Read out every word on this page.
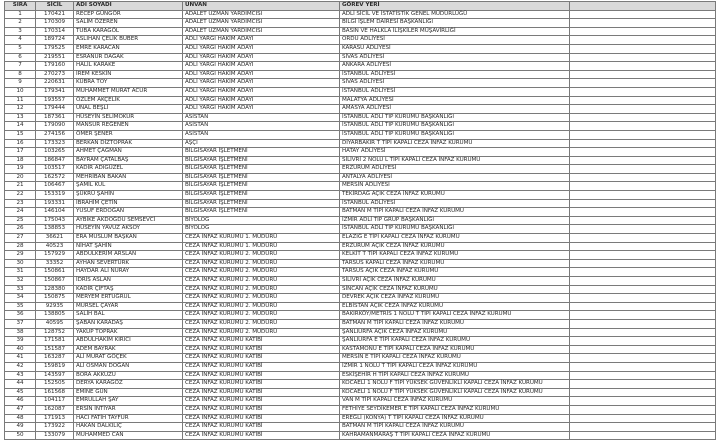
SIRA	SİCİL	ADI SOYADI	UNVAN	GÖREV YERİ	
1	170421	RECEP GÜNGÖR	ADALET UZMAN YARDIMCISI	ADLİ SİCİL VE İSTATİSTİK GENEL MÜDÜRLÜĞÜ	
2	170309	SALİM ÖZEREN	ADALET UZMAN YARDIMCISI	BİLGİ İŞLEM DAİRESİ BAŞKANLIĞI	
3	170314	TUBA KARAGÖL	ADALET UZMAN YARDIMCISI	BASIN VE HALKLA İLİŞKİLER MÜŞAVİRLİĞİ	
4	189724	ASLIHAN ÇELİK BUBER	ADLİ YARGI HAKİM ADAYI	ORDU ADLİYESİ	
5	179525	EMRE KARACAN	ADLİ YARGI HAKİM ADAYI	KARASU ADLİYESİ	
6	219551	ESRANUR DAĞAK	ADLİ YARGI HAKİM ADAYI	SİVAS ADLİYESİ	
7	179160	HALİL KARAKE	ADLİ YARGI HAKİM ADAYI	ANKARA ADLİYESİ	
8	270273	İREM KESKİN	ADLİ YARGI HAKİM ADAYI	İSTANBUL ADLİYESİ	
9	220631	KÜBRA TOY	ADLİ YARGI HAKİM ADAYI	SİVAS ADLİYESİ	
10	179341	MUHAMMET MURAT ACUR	ADLİ YARGI HAKİM ADAYI	İSTANBUL ADLİYESİ	
11	193557	ÖZLEM AKÇELİK	ADLİ YARGI HAKİM ADAYI	MALATYA ADLİYESİ	
12	179444	ÜNAL BEŞLİ	ADLİ YARGI HAKİM ADAYI	AMASYA ADLİYESİ	
13	187361	HÜSEYİN SELİMOKUR	ASİSTAN	İSTANBUL ADLİ TIP KURUMU BAŞKANLIĞI	
14	179090	MANSUR REĞENEN	ASİSTAN	İSTANBUL ADLİ TIP KURUMU BAŞKANLIĞI	
15	274156	ÖMER ŞENER	ASİSTAN	İSTANBUL ADLİ TIP KURUMU BAŞKANLIĞI	
16	173323	BERKAN DİZTOPRAK	AŞÇI	DİYARBAKIR T TİPİ KAPALI CEZA İNFAZ KURUMU	
17	103265	AHMET ÇAĞMAN	BİLGİSAYAR İŞLETMENİ	HATAY ADLİYESİ	
18	186847	BAYRAM ÇATALBAŞ	BİLGİSAYAR İŞLETMENİ	SİLİVRİ 2 NOLU L TİPİ KAPALI CEZA İNFAZ KURUMU	
19	103517	KADİR ADIGÜZEL	BİLGİSAYAR İŞLETMENİ	ERZURUM ADLİYESİ	
20	162572	MEHRİBAN BAKAN	BİLGİSAYAR İŞLETMENİ	ANTALYA ADLİYESİ	
21	106467	ŞAMİL KUL	BİLGİSAYAR İŞLETMENİ	MERSİN ADLİYESİ	
22	153319	ŞÜKRÜ ŞAHİN	BİLGİSAYAR İŞLETMENİ	TEKİRDAĞ AÇIK CEZA İNFAZ KURUMU	
23	193331	İBRAHİM ÇETİN	BİLGİSAYAR İŞLETMENİ	İSTANBUL ADLİYESİ	
24	146104	YUSUF ERDOĞAN	BİLGİSAYAR İŞLETMENİ	BATMAN M TİPİ KAPALI CEZA İNFAZ KURUMU	
25	175043	AYBİKE AKDOĞDU SEMSEVCİ	BİYOLOG	İZMİR ADLİ TIP GRUP BAŞKANLIĞI	
26	138853	HÜSEYİN YAVUZ AKSOY	BİYOLOG	İSTANBUL ADLİ TIP KURUMU BAŞKANLIĞI	
27	36621	ERA MUSLUM BAŞKAN	CEZA İNFAZ KURUMU 1. MÜDÜRÜ	ELAZIĞ E TİPİ KAPALI CEZA İNFAZ KURUMU	
28	40523	NİHAT ŞAHİN	CEZA İNFAZ KURUMU 1. MÜDÜRÜ	ERZURUM AÇIK CEZA İNFAZ KURUMU	
29	157929	ABDULKERİM ARSLAN	CEZA İNFAZ KURUMU 2. MÜDÜRÜ	KELKİT T TİPİ KAPALI CEZA İNFAZ KURUMU	
30	33352	AYHAN SEVERTÜRK	CEZA İNFAZ KURUMU 2. MÜDÜRÜ	TARSUS KAPALI CEZA İNFAZ KURUMU	
31	150861	HAYDAR ALİ NURAY	CEZA İNFAZ KURUMU 2. MÜDÜRÜ	TARSUS AÇIK CEZA İNFAZ KURUMU	
32	150867	İDRİS ASLAN	CEZA İNFAZ KURUMU 2. MÜDÜRÜ	SİLİVRİ AÇIK CEZA İNFAZ KURUMU	
33	128380	KADİR ÇİFTAŞ	CEZA İNFAZ KURUMU 2. MÜDÜRÜ	SİNCAN AÇIK CEZA İNFAZ KURUMU	
34	150875	MERYEM ERTUĞRUL	CEZA İNFAZ KURUMU 2. MÜDÜRÜ	DEVREK AÇIK CEZA İNFAZ KURUMU	
35	92935	MURSEL ÇAYAR	CEZA İNFAZ KURUMU 2. MÜDÜRÜ	ELBİSTAN AÇIK CEZA İNFAZ KURUMU	
36	138805	SALİH BAL	CEZA İNFAZ KURUMU 2. MÜDÜRÜ	BAKIRKÖY/METRİS 1 NOLU T TİPİ KAPALI CEZA İNFAZ KURUMU	
37	40595	ŞABAN KARADAŞ	CEZA İNFAZ KURUMU 2. MÜDÜRÜ	BATMAN M TİPİ KAPALI CEZA İNFAZ KURUMU	
38	128752	YAKUP TOPRAK	CEZA İNFAZ KURUMU 2. MÜDÜRÜ	ŞANLIURFA AÇIK CEZA İNFAZ KURUMU	
39	171581	ABDULHAKİM KIRICI	CEZA İNFAZ KURUMU KATİBİ	ŞANLIURFA E TİPİ KAPALI CEZA İNFAZ KURUMU	
40	151587	ADEM BAYRAK	CEZA İNFAZ KURUMU KATİBİ	KASTAMONU E TİPİ KAPALI CEZA İNFAZ KURUMU	
41	163287	ALİ MURAT GÖÇEK	CEZA İNFAZ KURUMU KATİBİ	MERSİN E TİPİ KAPALI CEZA İNFAZ KURUMU	
42	159819	ALİ OSMAN DOĞAN	CEZA İNFAZ KURUMU KATİBİ	İZMİR 1 NOLU T TİPİ KAPALI CEZA İNFAZ KURUMU	
43	143597	BORA AKKUZU	CEZA İNFAZ KURUMU KATİBİ	ESKİŞEHİR H TİPİ KAPALI CEZA İNFAZ KURUMU	
44	152505	DERYA KARAGÖZ	CEZA İNFAZ KURUMU KATİBİ	KOCAELİ 1 NOLU F TİPİ YÜKSEK GÜVENLİKLİ KAPALI CEZA İNFAZ KURUMU	
45	161568	EMİNE GÜN	CEZA İNFAZ KURUMU KATİBİ	KOCAELİ 1 NOLU F TİPİ YÜKSEK GÜVENLİKLİ KAPALI CEZA İNFAZ KURUMU	
46	104117	EMRULLAH ŞAY	CEZA İNFAZ KURUMU KATİBİ	VAN M TİPİ KAPALI CEZA İNFAZ KURUMU	
47	162087	ERSİN İNTİYAR	CEZA İNFAZ KURUMU KATİBİ	FETHİYE SEYDİKEMER E TİPİ KAPALI CEZA İNFAZ KURUMU	
48	171913	HACI FATİH TAYFUR	CEZA İNFAZ KURUMU KATİBİ	EREĞLİ (KONYA) T TİPİ KAPALI CEZA İNFAZ KURUMU	
49	173922	HAKAN DALKILIÇ	CEZA İNFAZ KURUMU KATİBİ	BATMAN M TİPİ KAPALI CEZA İNFAZ KURUMU	
50	133079	MUHAMMED CAN	CEZA İNFAZ KURUMU KATİBİ	KAHRAMANMARAŞ T TİPİ KAPALI CEZA İNFAZ KURUMU	
